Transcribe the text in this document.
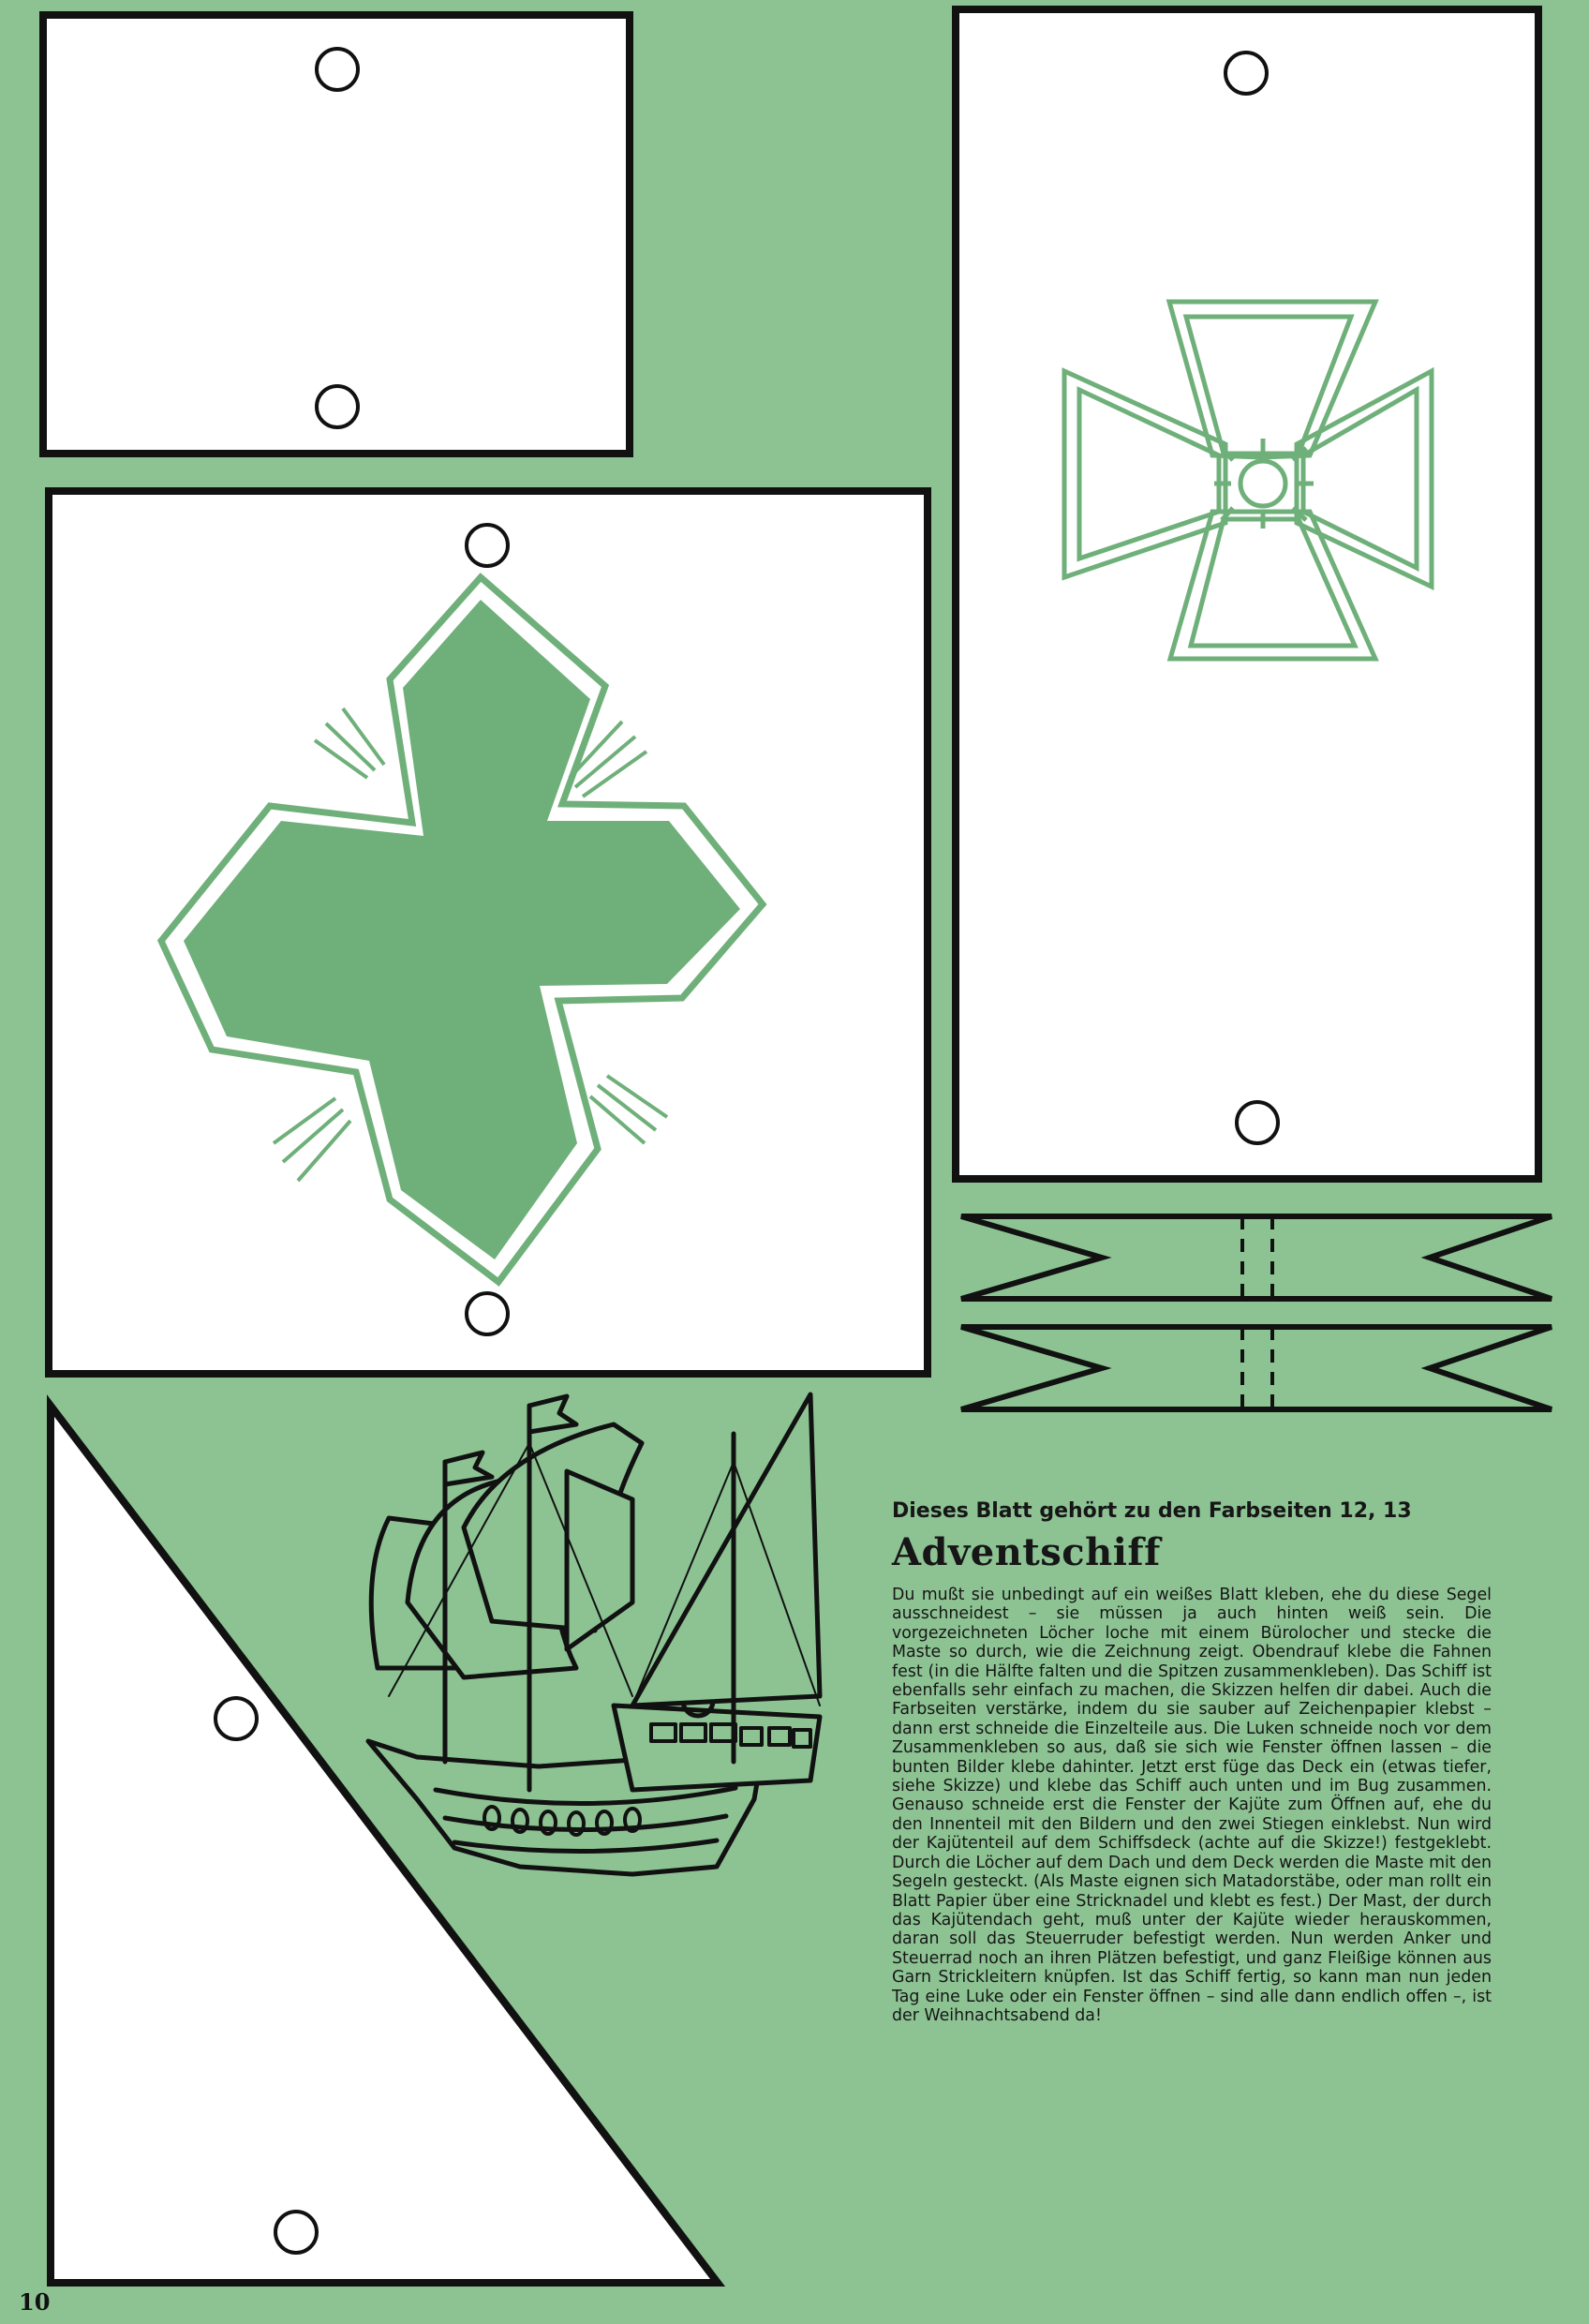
Dieses Blatt gehört zu den Farbseiten 12, 13

Adventschiff

Du mußt sie unbedingt auf ein weißes Blatt kleben, ehe du diese Segel ausschneidest – sie müssen ja auch hinten weiß sein. Die vorgezeichneten Löcher loche mit einem Bürolocher und stecke die Maste so durch, wie die Zeichnung zeigt. Obendrauf klebe die Fahnen fest (in die Hälfte falten und die Spitzen zusammenkleben). Das Schiff ist ebenfalls sehr einfach zu machen, die Skizzen helfen dir dabei. Auch die Farbseiten verstärke, indem du sie sauber auf Zeichenpapier klebst – dann erst schneide die Einzelteile aus. Die Luken schneide noch vor dem Zusammenkleben so aus, daß sie sich wie Fenster öffnen lassen – die bunten Bilder klebe dahinter. Jetzt erst füge das Deck ein (etwas tiefer, siehe Skizze) und klebe das Schiff auch unten und im Bug zusammen. Genauso schneide erst die Fenster der Kajüte zum Öffnen auf, ehe du den Innenteil mit den Bildern und den zwei Stiegen einklebst. Nun wird der Kajütenteil auf dem Schiffsdeck (achte auf die Skizze!) festgeklebt. Durch die Löcher auf dem Dach und dem Deck werden die Maste mit den Segeln gesteckt. (Als Maste eignen sich Matadorstäbe, oder man rollt ein Blatt Papier über eine Stricknadel und klebt es fest.) Der Mast, der durch das Kajütendach geht, muß unter der Kajüte wieder herauskommen, daran soll das Steuerruder befestigt werden. Nun werden Anker und Steuerrad noch an ihren Plätzen befestigt, und ganz Fleißige können aus Garn Strickleitern knüpfen. Ist das Schiff fertig, so kann man nun jeden Tag eine Luke oder ein Fenster öffnen – sind alle dann endlich offen –, ist der Weihnachtsabend da!

10
